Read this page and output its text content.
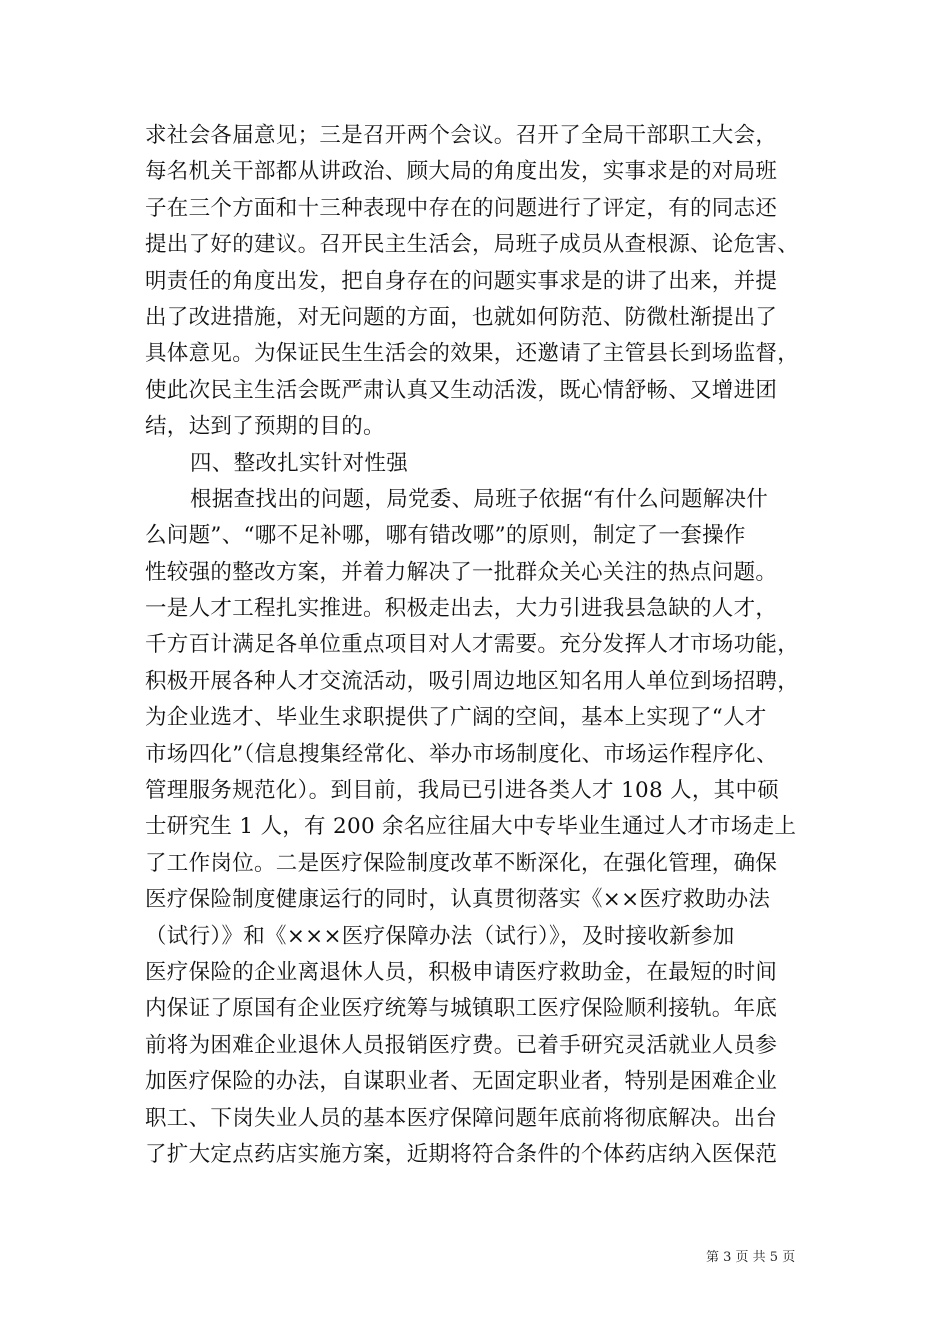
求社会各届意见；三是召开两个会议。召开了全局干部职工大会，
每名机关干部都从讲政治、顾大局的角度出发，实事求是的对局班
子在三个方面和十三种表现中存在的问题进行了评定，有的同志还
提出了好的建议。召开民主生活会，局班子成员从查根源、论危害、
明责任的角度出发，把自身存在的问题实事求是的讲了出来，并提
出了改进措施，对无问题的方面，也就如何防范、防微杜渐提出了
具体意见。为保证民生生活会的效果，还邀请了主管县长到场监督，
使此次民主生活会既严肃认真又生动活泼，既心情舒畅、又增进团
结，达到了预期的目的。
四、整改扎实针对性强
根据查找出的问题，局党委、局班子依据“有什么问题解决什
么问题”、“哪不足补哪，哪有错改哪”的原则，制定了一套操作
性较强的整改方案，并着力解决了一批群众关心关注的热点问题。
一是人才工程扎实推进。积极走出去，大力引进我县急缺的人才，
千方百计满足各单位重点项目对人才需要。充分发挥人才市场功能，
积极开展各种人才交流活动，吸引周边地区知名用人单位到场招聘，
为企业选才、毕业生求职提供了广阔的空间，基本上实现了“人才
市场四化”（信息搜集经常化、举办市场制度化、市场运作程序化、
管理服务规范化）。到目前，我局已引进各类人才 108 人，其中硕
士研究生 1 人，有 200 余名应往届大中专毕业生通过人才市场走上
了工作岗位。二是医疗保险制度改革不断深化，在强化管理，确保
医疗保险制度健康运行的同时，认真贯彻落实《××医疗救助办法
（试行）》和《×××医疗保障办法（试行）》，及时接收新参加
医疗保险的企业离退休人员，积极申请医疗救助金，在最短的时间
内保证了原国有企业医疗统筹与城镇职工医疗保险顺利接轨。年底
前将为困难企业退休人员报销医疗费。已着手研究灵活就业人员参
加医疗保险的办法，自谋职业者、无固定职业者，特别是困难企业
职工、下岗失业人员的基本医疗保障问题年底前将彻底解决。出台
了扩大定点药店实施方案，近期将符合条件的个体药店纳入医保范
第 3 页 共 5 页
